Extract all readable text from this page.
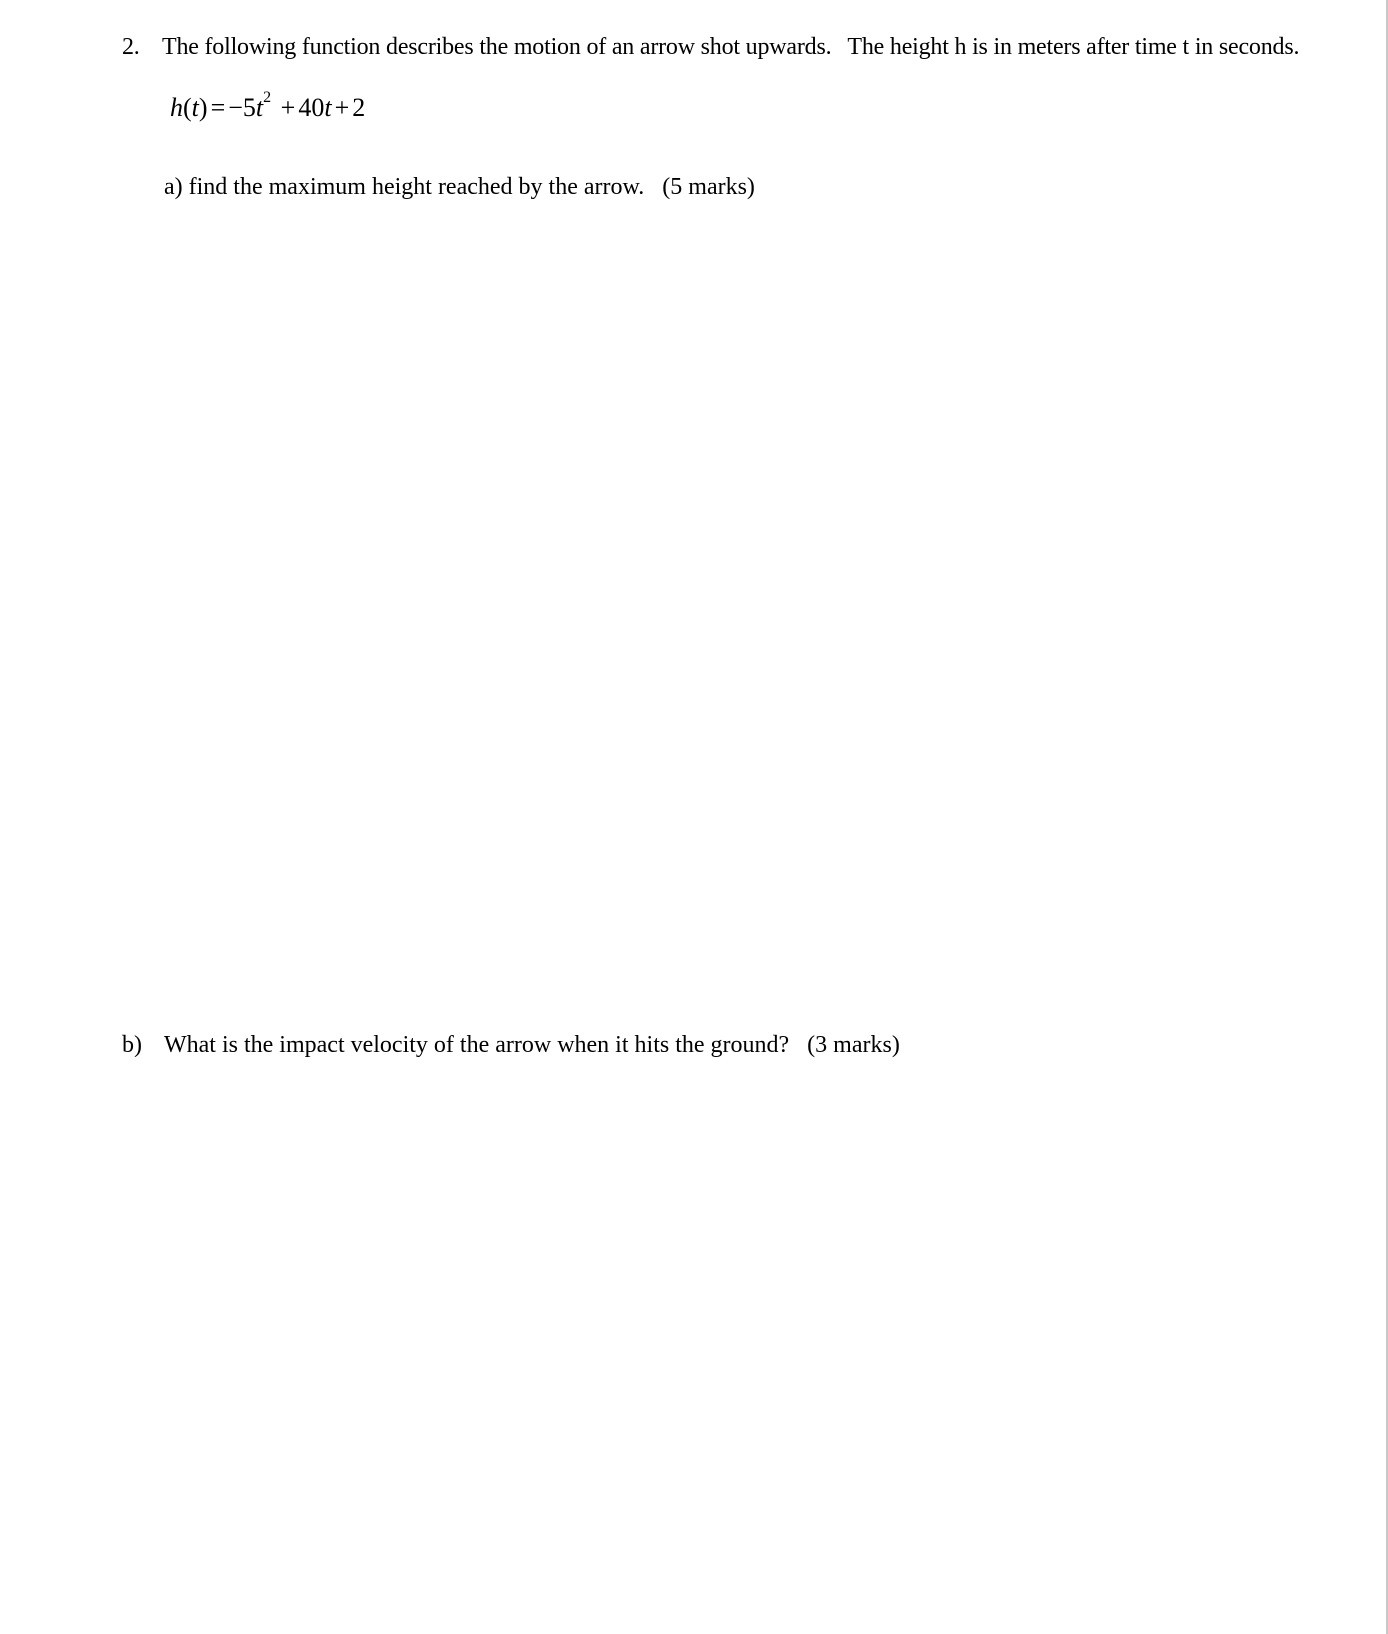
2. The following function describes the motion of an arrow shot upwards. The height h is in meters after time t in seconds.
$h(t) = -5t^2 + 40t + 2$
a) find the maximum height reached by the arrow. (5 marks)
b) What is the impact velocity of the arrow when it hits the ground? (3 marks)
